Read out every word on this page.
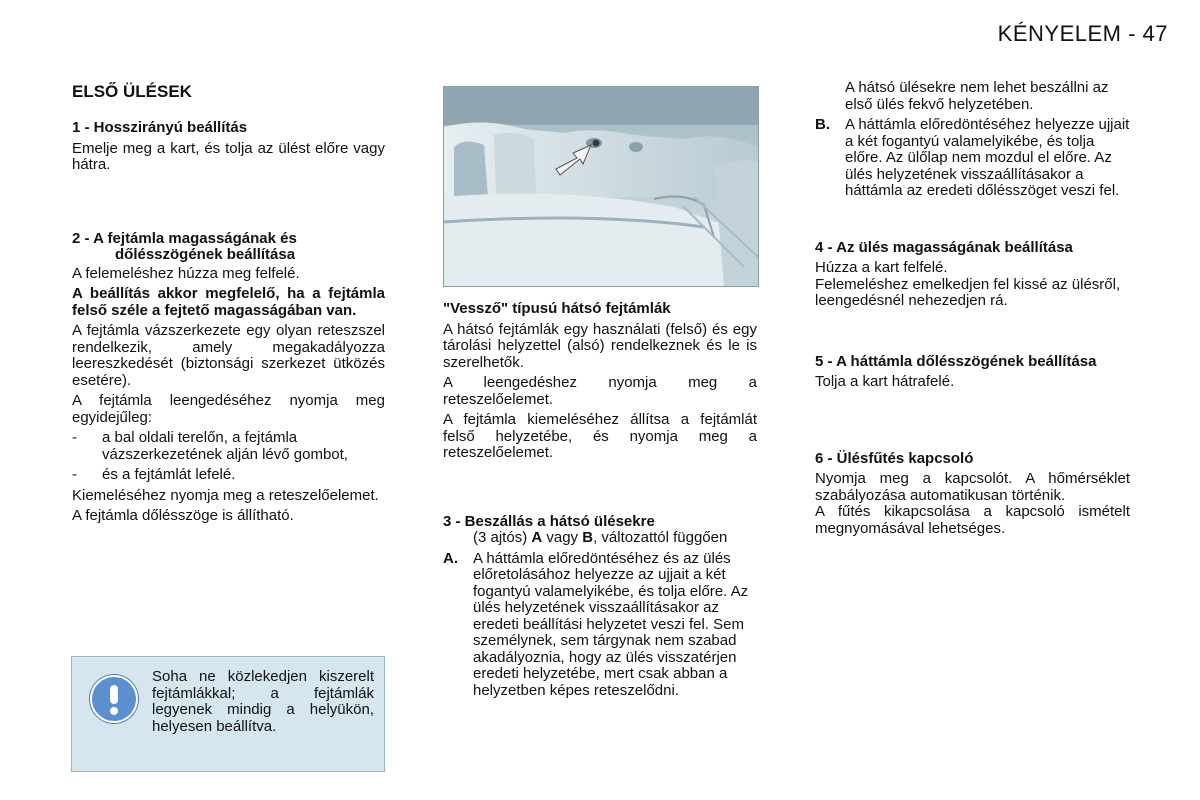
KÉNYELEM - 47
ELSŐ ÜLÉSEK
1 - Hosszirányú beállítás

Emelje meg a kart, és tolja az ülést előre vagy hátra.

2 - A fejtámla magasságának és dőlésszögének beállítása

A felemeléshez húzza meg felfelé.

A beállítás akkor megfelelő, ha a fejtámla felső széle a fejtető magasságában van.

A fejtámla vázszerkezete egy olyan reteszszel rendelkezik, amely megakadályozza leereszkedését (biztonsági szerkezet ütközés esetére).

A fejtámla leengedéséhez nyomja meg egyidejűleg:

-	a bal oldali terelőn, a fejtámla vázszerkezetének alján lévő gombot,
-	és a fejtámlát lefelé.

Kiemeléséhez nyomja meg a reteszelőelemet.

A fejtámla dőlésszöge is állítható.

Soha ne közlekedjen kiszerelt fejtámlákkal; a fejtámlák legyenek mindig a helyükön, helyesen beállítva.
"Vessző" típusú hátsó fejtámlák

A hátsó fejtámlák egy használati (felső) és egy tárolási helyzettel (alsó) rendelkeznek és le is szerelhetők.

A leengedéshez nyomja meg a reteszelőelemet.

A fejtámla kiemeléséhez állítsa a fejtámlát felső helyzetébe, és nyomja meg a reteszelőelemet.

3 - Beszállás a hátsó ülésekre

(3 ajtós) A vagy B, változattól függően

A.	A háttámla előredöntéséhez és az ülés előretolásához helyezze az ujjait a két fogantyú valamelyikébe, és tolja előre. Az ülés helyzetének visszaállításakor az eredeti beállítási helyzetet veszi fel. Sem személynek, sem tárgynak nem szabad akadályoznia, hogy az ülés visszatérjen eredeti helyzetébe, mert csak abban a helyzetben képes reteszelődni.

A hátsó ülésekre nem lehet beszállni az első ülés fekvő helyzetében.

B.	A háttámla előredöntéséhez helyezze ujjait a két fogantyú valamelyikébe, és tolja előre. Az ülőlap nem mozdul el előre. Az ülés helyzetének visszaállításakor a háttámla az eredeti dőlésszöget veszi fel.
4 - Az ülés magasságának beállítása

Húzza a kart felfelé.

Felemeléshez emelkedjen fel kissé az ülésről, leengedésnél nehezedjen rá.

5 - A háttámla dőlésszögének beállítása

Tolja a kart hátrafelé.

6 - Ülésfűtés kapcsoló

Nyomja meg a kapcsolót. A hőmérséklet szabályozása automatikusan történik.

A fűtés kikapcsolása a kapcsoló ismételt megnyomásával lehetséges.
